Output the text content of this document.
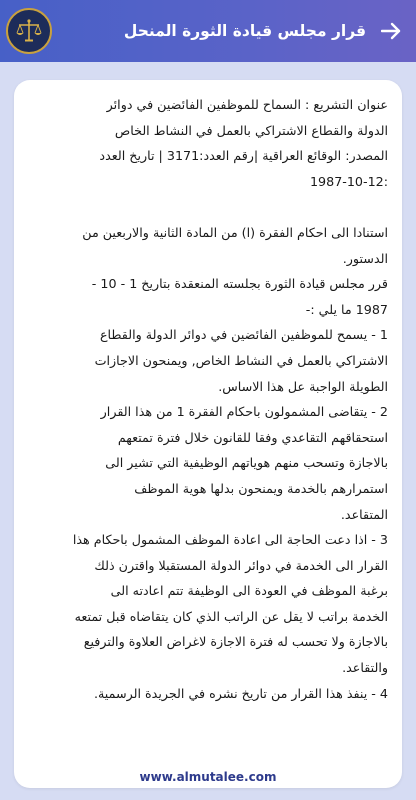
قرار مجلس قيادة الثورة المنحل

عنوان التشريع : السماح للموظفين الفائضين في دوائر
الدولة والقطاع الاشتراكي بالعمل في النشاط الخاص
المصدر: الوقائع العراقية |رقم العدد:3171 | تاريخ العدد
:1987-10-12

استنادا الى احكام الفقرة (ا) من المادة الثانية والاربعين من
الدستور.

قرر مجلس قيادة الثورة بجلسته المنعقدة بتاريخ 1 - 10 -
1987 ما يلي :-

1 - يسمح للموظفين الفائضين في دوائر الدولة والقطاع
الاشتراكي بالعمل في النشاط الخاص, ويمنحون الاجازات
الطويلة الواجبة عل هذا الاساس.

2 - يتقاضى المشمولون باحكام الفقرة 1 من هذا القرار
استحقاقهم التقاعدي وفقا للقانون خلال فترة تمتعهم
بالاجازة وتسحب منهم هوياتهم الوظيفية التي تشير الى
استمرارهم بالخدمة ويمنحون بدلها هوية الموظف
المتقاعد.

3 - اذا دعت الحاجة الى اعادة الموظف المشمول باحكام هذا
القرار الى الخدمة في دوائر الدولة المستقبلا واقترن ذلك
برغبة الموظف في العودة الى الوظيفة تتم اعادته الى
الخدمة براتب لا يقل عن الراتب الذي كان يتقاضاه قبل تمتعه
بالاجازة ولا تحسب له فترة الاجازة لاغراض العلاوة والترفيع
والتقاعد.

4 - ينفذ هذا القرار من تاريخ نشره في الجريدة الرسمية.

www.almutalee.com
